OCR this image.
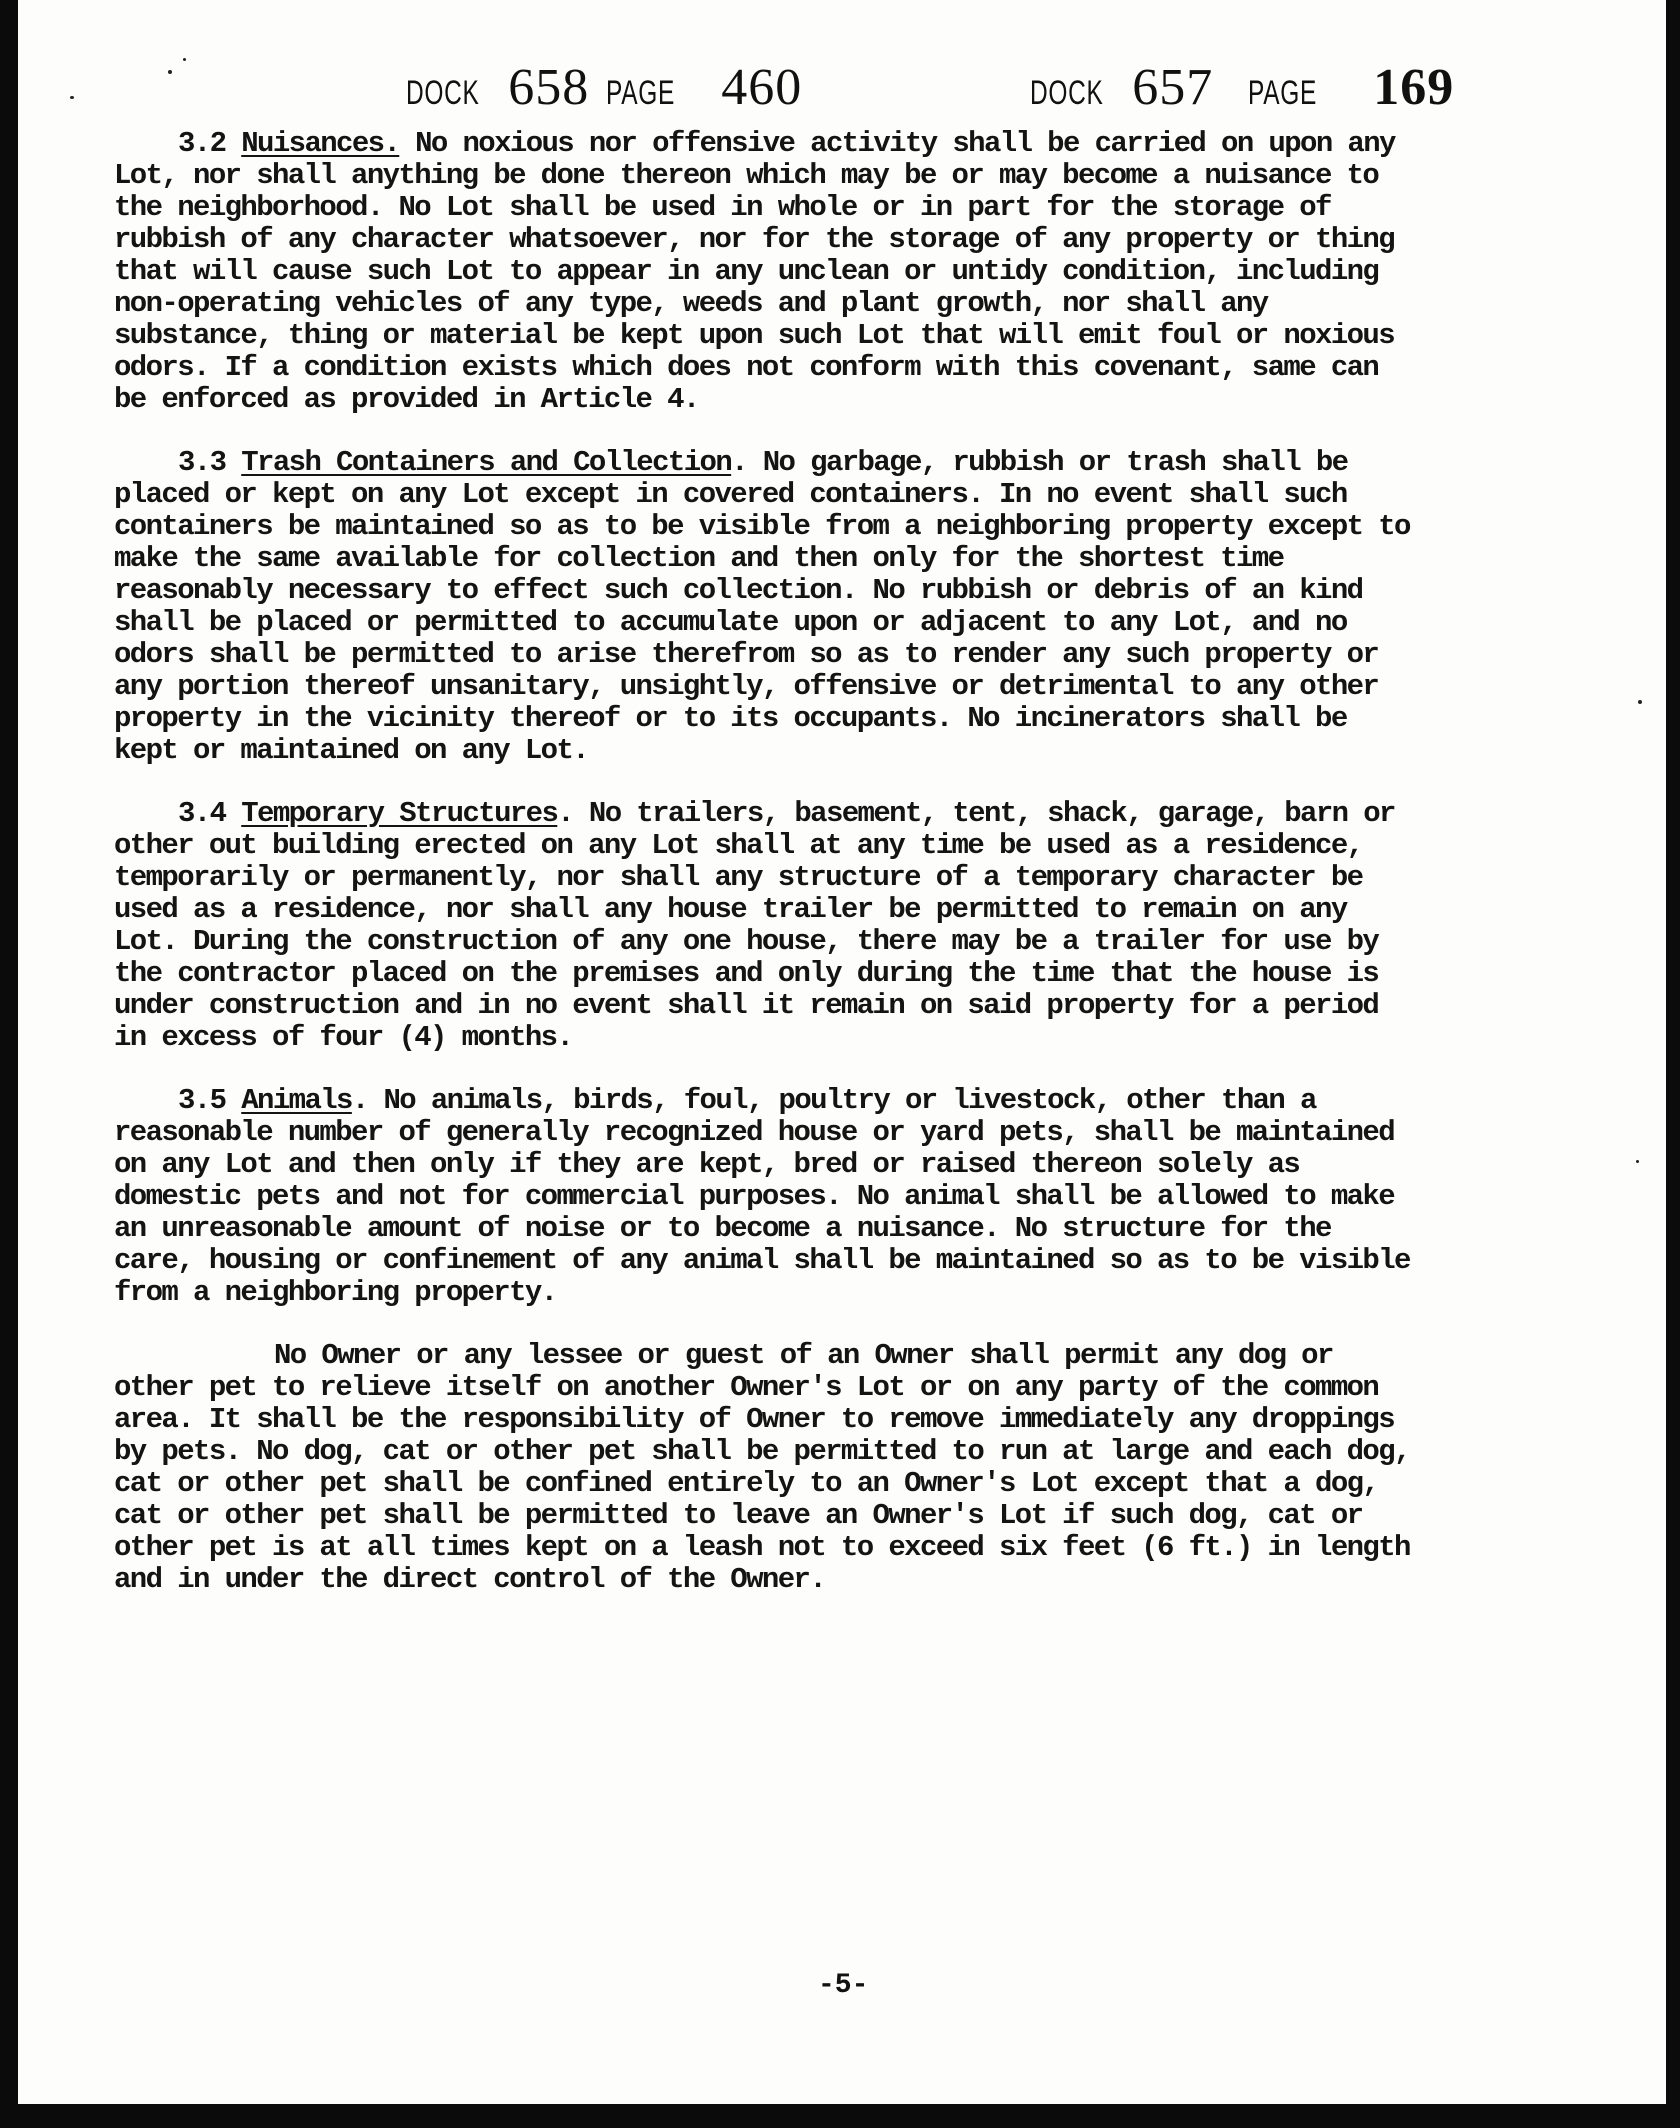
DOCK 658 PAGE 460	DOCK 657 PAGE 169

3.2 Nuisances. No noxious nor offensive activity shall be carried on upon any Lot, nor shall anything be done thereon which may be or may become a nuisance to the neighborhood. No Lot shall be used in whole or in part for the storage of rubbish of any character whatsoever, nor for the storage of any property or thing that will cause such Lot to appear in any unclean or untidy condition, including non-operating vehicles of any type, weeds and plant growth, nor shall any substance, thing or material be kept upon such Lot that will emit foul or noxious odors. If a condition exists which does not conform with this covenant, same can be enforced as provided in Article 4.

3.3 Trash Containers and Collection. No garbage, rubbish or trash shall be placed or kept on any Lot except in covered containers. In no event shall such containers be maintained so as to be visible from a neighboring property except to make the same available for collection and then only for the shortest time reasonably necessary to effect such collection. No rubbish or debris of an kind shall be placed or permitted to accumulate upon or adjacent to any Lot, and no odors shall be permitted to arise therefrom so as to render any such property or any portion thereof unsanitary, unsightly, offensive or detrimental to any other property in the vicinity thereof or to its occupants. No incinerators shall be kept or maintained on any Lot.

3.4 Temporary Structures. No trailers, basement, tent, shack, garage, barn or other out building erected on any Lot shall at any time be used as a residence, temporarily or permanently, nor shall any structure of a temporary character be used as a residence, nor shall any house trailer be permitted to remain on any Lot. During the construction of any one house, there may be a trailer for use by the contractor placed on the premises and only during the time that the house is under construction and in no event shall it remain on said property for a period in excess of four (4) months.

3.5 Animals. No animals, birds, foul, poultry or livestock, other than a reasonable number of generally recognized house or yard pets, shall be maintained on any Lot and then only if they are kept, bred or raised thereon solely as domestic pets and not for commercial purposes. No animal shall be allowed to make an unreasonable amount of noise or to become a nuisance. No structure for the care, housing or confinement of any animal shall be maintained so as to be visible from a neighboring property.

No Owner or any lessee or guest of an Owner shall permit any dog or other pet to relieve itself on another Owner's Lot or on any party of the common area. It shall be the responsibility of Owner to remove immediately any droppings by pets. No dog, cat or other pet shall be permitted to run at large and each dog, cat or other pet shall be confined entirely to an Owner's Lot except that a dog, cat or other pet shall be permitted to leave an Owner's Lot if such dog, cat or other pet is at all times kept on a leash not to exceed six feet (6 ft.) in length and in under the direct control of the Owner.

-5-
